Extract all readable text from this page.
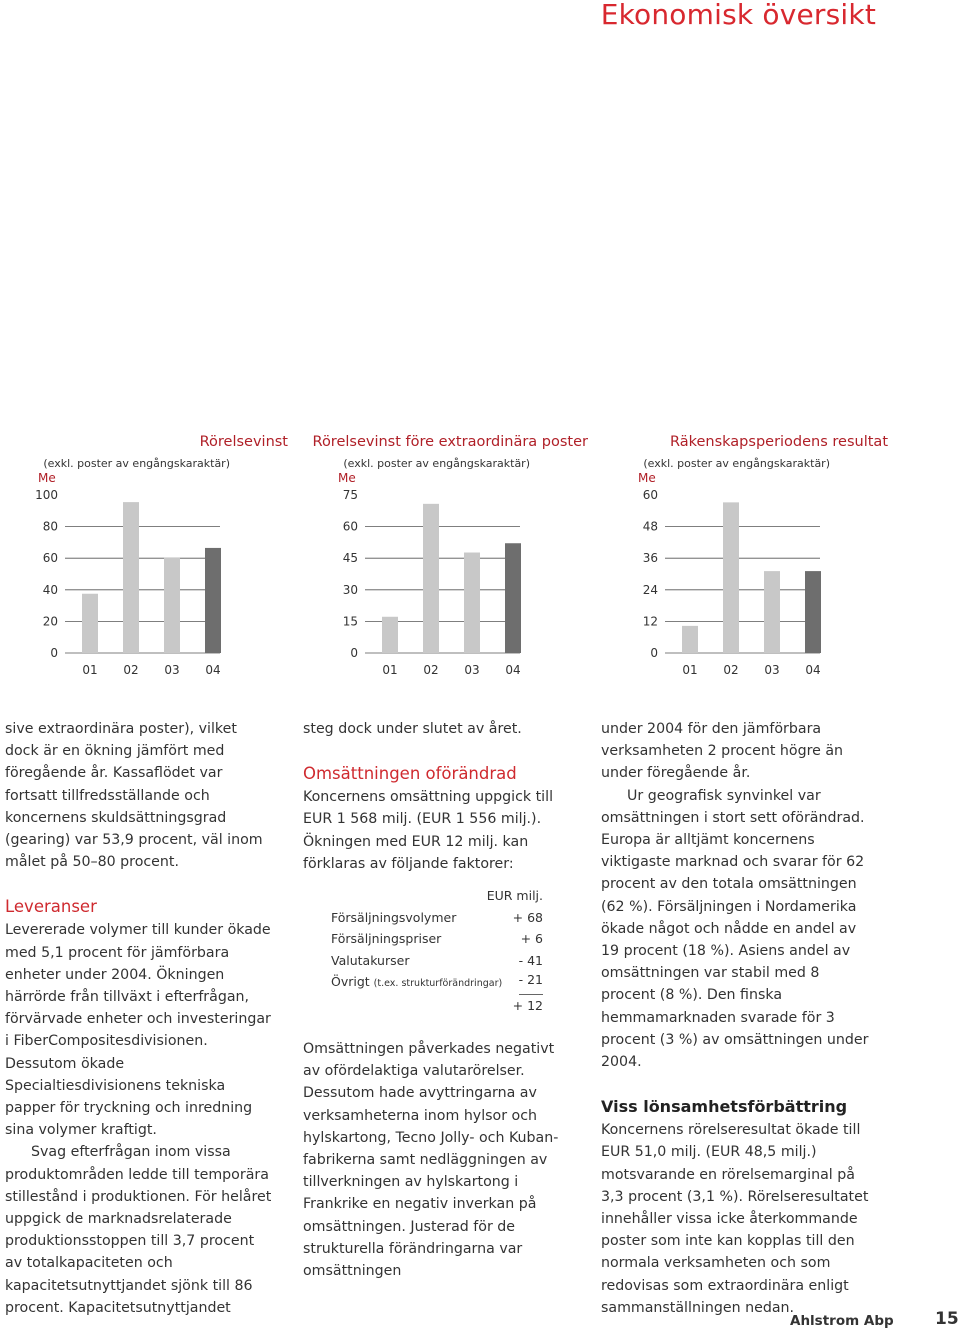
Ekonomisk översikt
Rörelsevinst
(exkl. poster av engångskaraktär)
Me
0
20
40
60
80
100
01 02 03 04
Rörelsevinst före extraordinära poster
(exkl. poster av engångskaraktär)
Me
0
15
30
45
60
75
01 02 03 04
Räkenskapsperiodens resultat
(exkl. poster av engångskaraktär)
Me
0
12
24
36
48
60
01 02 03 04

sive extraordinära poster), vilket dock är en ökning jämfört med föregående år. Kassaflödet var fortsatt tillfredsställande och koncernens skuldsättningsgrad (gearing) var 53,9 procent, väl inom målet på 50–80 procent.

Leveranser

Levererade volymer till kunder ökade med 5,1 procent för jämförbara enheter under 2004. Ökningen härrörde från tillväxt i efterfrågan, förvärvade enheter och investeringar i FiberCompositesdivisionen. Dessutom ökade Specialtiesdivisionens tekniska papper för tryckning och inredning sina volymer kraftigt.

Svag efterfrågan inom vissa produktområden ledde till temporära stillestånd i produktionen. För helåret uppgick de marknadsrelaterade produktionsstoppen till 3,7 procent av totalkapaciteten och kapacitetsutnyttjandet sjönk till 86 procent. Kapacitetsutnyttjandet

steg dock under slutet av året.

Omsättningen oförändrad

Koncernens omsättning uppgick till EUR 1 568 milj. (EUR 1 556 milj.). Ökningen med EUR 12 milj. kan förklaras av följande faktorer:

EUR milj.
Försäljningsvolymer	+ 68
Försäljningspriser	+ 6
Valutakurser	- 41
Övrigt (t.ex. strukturförändringar) - 21
+ 12

Omsättningen påverkades negativt av ofördelaktiga valutarörelser. Dessutom hade avyttringarna av verksamheterna inom hylsor och hylskartong, Tecno Jolly- och Kuban-fabrikerna samt nedläggningen av tillverkningen av hylskartong i Frankrike en negativ inverkan på omsättningen. Justerad för de strukturella förändringarna var omsättningen

under 2004 för den jämförbara verksamheten 2 procent högre än under föregående år.

Ur geografisk synvinkel var omsättningen i stort sett oförändrad. Europa är alltjämt koncernens viktigaste marknad och svarar för 62 procent av den totala omsättningen (62 %). Försäljningen i Nordamerika ökade något och nådde en andel av 19 procent (18 %). Asiens andel av omsättningen var stabil med 8 procent (8 %). Den finska hemmamarknaden svarade för 3 procent (3 %) av omsättningen under 2004.

Viss lönsamhetsförbättring

Koncernens rörelseresultat ökade till EUR 51,0 milj. (EUR 48,5 milj.) motsvarande en rörelsemarginal på 3,3 procent (3,1 %). Rörelseresultatet innehåller vissa icke återkommande poster som inte kan kopplas till den normala verksamheten och som redovisas som extraordinära enligt sammanställningen nedan.

Ahlstrom Abp 15
